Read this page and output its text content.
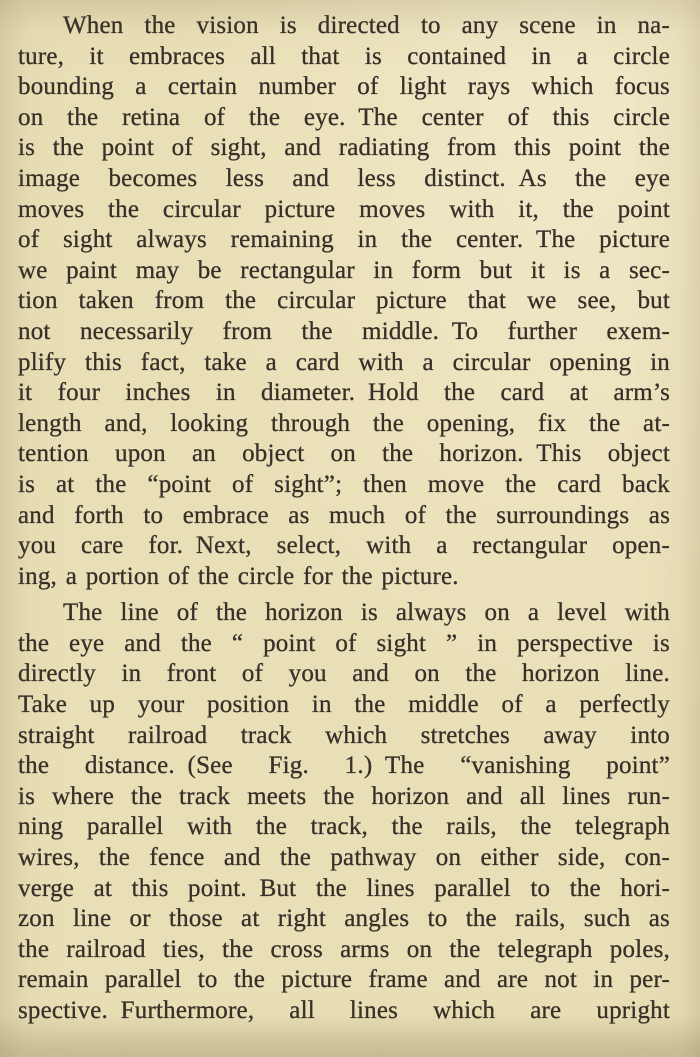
When the vision is directed to any scene in na-
ture, it embraces all that is contained in a circle
bounding a certain number of light rays which focus
on the retina of the eye. The center of this circle
is the point of sight, and radiating from this point the
image becomes less and less distinct. As the eye
moves the circular picture moves with it, the point
of sight always remaining in the center. The picture
we paint may be rectangular in form but it is a sec-
tion taken from the circular picture that we see, but
not necessarily from the middle. To further exem-
plify this fact, take a card with a circular opening in
it four inches in diameter. Hold the card at arm’s
length and, looking through the opening, fix the at-
tention upon an object on the horizon. This object
is at the “point of sight”; then move the card back
and forth to embrace as much of the surroundings as
you care for. Next, select, with a rectangular open-
ing, a portion of the circle for the picture.
The line of the horizon is always on a level with
the eye and the “ point of sight ” in perspective is
directly in front of you and on the horizon line.
Take up your position in the middle of a perfectly
straight railroad track which stretches away into
the distance. (See Fig. 1.) The “vanishing point”
is where the track meets the horizon and all lines run-
ning parallel with the track, the rails, the telegraph
wires, the fence and the pathway on either side, con-
verge at this point. But the lines parallel to the hori-
zon line or those at right angles to the rails, such as
the railroad ties, the cross arms on the telegraph poles,
remain parallel to the picture frame and are not in per-
spective. Furthermore, all lines which are upright
